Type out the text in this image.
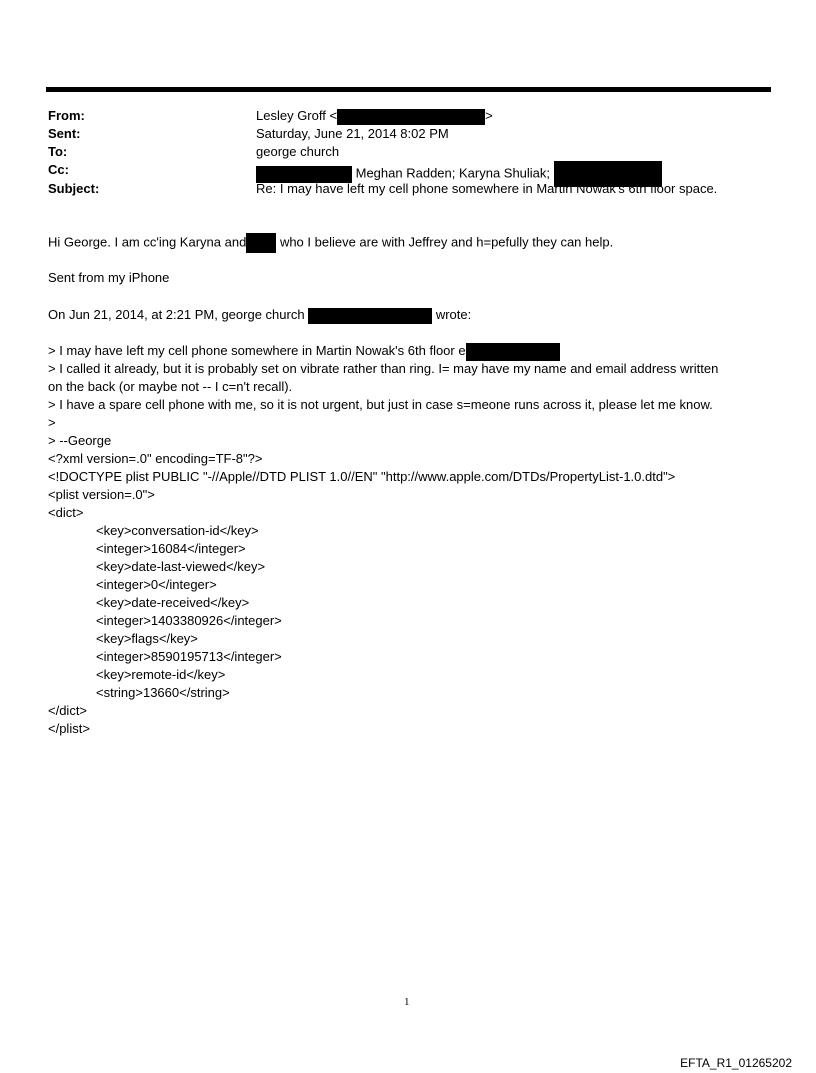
From:	Lesley Groff <	>
Sent:	Saturday, June 21, 2014 8:02 PM
To:	george church
Cc:	Meghan Radden; Karyna Shuliak;
Subject:	Re: I may have left my cell phone somewhere in Martin Nowak's 6th floor space.
Hi George. I am cc'ing Karyna and	who I believe are with Jeffrey and h=pefully they can help.
Sent from my iPhone
On Jun 21, 2014, at 2:21 PM, george church	wrote:
> I may have left my cell phone somewhere in Martin Nowak's 6th floor e
> I called it already, but it is probably set on vibrate rather than ring. I= may have my name and email address written
on the back (or maybe not -- I c=n't recall).
> I have a spare cell phone with me, so it is not urgent, but just in case s=meone runs across it, please let me know.
>
> --George
<?xml version=.0" encoding=TF-8"?>
<!DOCTYPE plist PUBLIC "-//Apple//DTD PLIST 1.0//EN" "http://www.apple.com/DTDs/PropertyList-1.0.dtd">
<plist version=.0">
<dict>
<key>conversation-id</key>
<integer>16084</integer>
<key>date-last-viewed</key>
<integer>0</integer>
<key>date-received</key>
<integer>1403380926</integer>
<key>flags</key>
<integer>8590195713</integer>
<key>remote-id</key>
<string>13660</string>
</dict>
</plist>
1
EFTA_R1_01265202
